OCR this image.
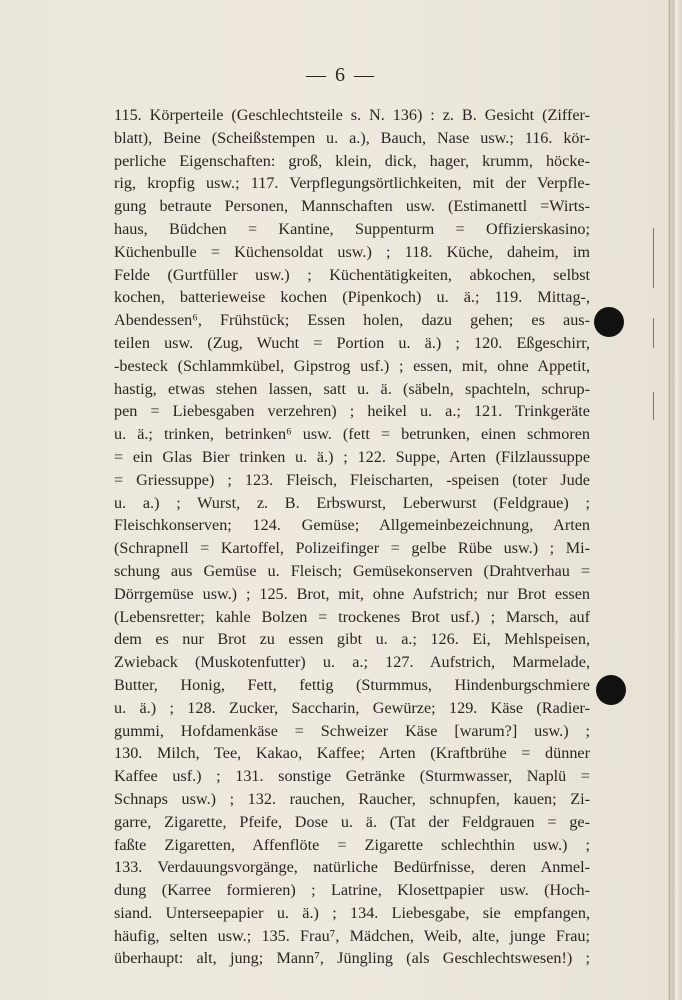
— 6 —
115. Körperteile (Geschlechtsteile s. N. 136) : z. B. Gesicht (Ziffer-
blatt), Beine (Scheißstempen u. a.), Bauch, Nase usw.; 116. kör-
perliche Eigenschaften: groß, klein, dick, hager, krumm, höcke-
rig, kropfig usw.; 117. Verpflegungsörtlichkeiten, mit der Verpfle-
gung betraute Personen, Mannschaften usw. (Estimanettl =Wirts-
haus, Büdchen = Kantine, Suppenturm = Offizierskasino;
Küchenbulle = Küchensoldat usw.) ; 118. Küche, daheim, im
Felde (Gurtfüller usw.) ; Küchentätigkeiten, abkochen, selbst
kochen, batterieweise kochen (Pipenkoch) u. ä.; 119. Mittag-,
Abendessen⁶, Frühstück; Essen holen, dazu gehen; es aus-
teilen usw. (Zug, Wucht = Portion u. ä.) ; 120. Eßgeschirr,
-besteck (Schlammkübel, Gipstrog usf.) ; essen, mit, ohne Appetit,
hastig, etwas stehen lassen, satt u. ä. (säbeln, spachteln, schrup-
pen = Liebesgaben verzehren) ; heikel u. a.; 121. Trinkgeräte
u. ä.; trinken, betrinken⁶ usw. (fett = betrunken, einen schmoren
= ein Glas Bier trinken u. ä.) ; 122. Suppe, Arten (Filzlaussuppe
= Griessuppe) ; 123. Fleisch, Fleischarten, -speisen (toter Jude
u. a.) ; Wurst, z. B. Erbswurst, Leberwurst (Feldgraue) ;
Fleischkonserven; 124. Gemüse; Allgemeinbezeichnung, Arten
(Schrapnell = Kartoffel, Polizeifinger = gelbe Rübe usw.) ; Mi-
schung aus Gemüse u. Fleisch; Gemüsekonserven (Drahtverhau =
Dörrgemüse usw.) ; 125. Brot, mit, ohne Aufstrich; nur Brot essen
(Lebensretter; kahle Bolzen = trockenes Brot usf.) ; Marsch, auf
dem es nur Brot zu essen gibt u. a.; 126. Ei, Mehlspeisen,
Zwieback (Muskotenfutter) u. a.; 127. Aufstrich, Marmelade,
Butter, Honig, Fett, fettig (Sturmmus, Hindenburgschmiere
u. ä.) ; 128. Zucker, Saccharin, Gewürze; 129. Käse (Radier-
gummi, Hofdamenkäse = Schweizer Käse [warum?] usw.) ;
130. Milch, Tee, Kakao, Kaffee; Arten (Kraftbrühe = dünner
Kaffee usf.) ; 131. sonstige Getränke (Sturmwasser, Naplü =
Schnaps usw.) ; 132. rauchen, Raucher, schnupfen, kauen; Zi-
garre, Zigarette, Pfeife, Dose u. ä. (Tat der Feldgrauen = ge-
faßte Zigaretten, Affenflöte = Zigarette schlechthin usw.) ;
133. Verdauungsvorgänge, natürliche Bedürfnisse, deren Anmel-
dung (Karree formieren) ; Latrine, Klosettpapier usw. (Hoch-
siand. Unterseepapier u. ä.) ; 134. Liebesgabe, sie empfangen,
häufig, selten usw.; 135. Frau⁷, Mädchen, Weib, alte, junge Frau;
überhaupt: alt, jung; Mann⁷, Jüngling (als Geschlechtswesen!) ;
